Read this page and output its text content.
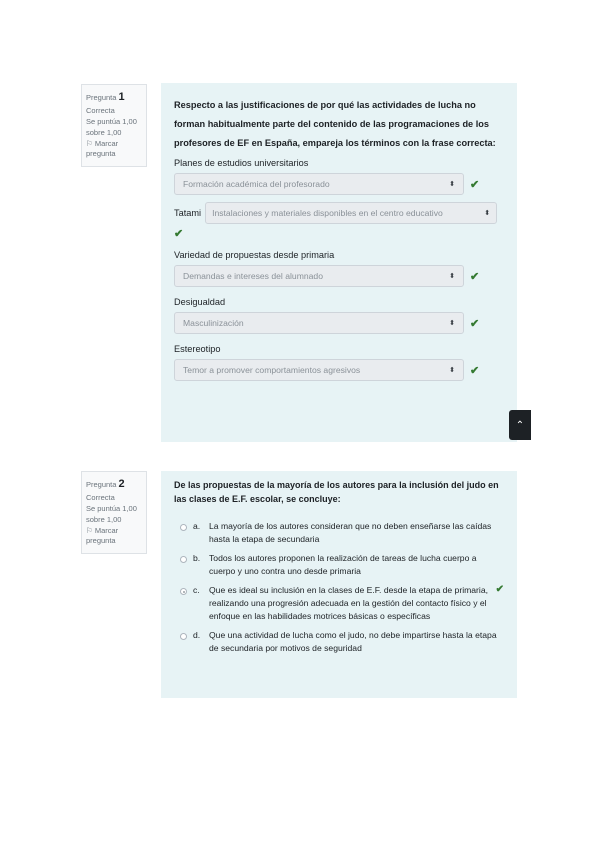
Pregunta 1
Correcta
Se puntúa 1,00 sobre 1,00
⚐ Marcar pregunta
Respecto a las justificaciones de por qué las actividades de lucha no forman habitualmente parte del contenido de las programaciones de los profesores de EF en España, empareja los términos con la frase correcta:
Planes de estudios universitarios
Formación académica del profesorado	⬍ ✔
Tatami Instalaciones y materiales disponibles en el centro educativo	⬍
✔
Variedad de propuestas desde primaria
Demandas e intereses del alumnado	⬍ ✔
Desigualdad
Masculinización	⬍ ✔
Estereotipo
Temor a promover comportamientos agresivos	⬍ ✔
⌃
Pregunta 2
Correcta
Se puntúa 1,00 sobre 1,00
⚐ Marcar pregunta
De las propuestas de la mayoría de los autores para la inclusión del judo en las clases de E.F. escolar, se concluye:
a.	La mayoría de los autores consideran que no deben enseñarse las caídas hasta la etapa de secundaria
b.	Todos los autores proponen la realización de tareas de lucha cuerpo a cuerpo y uno contra uno desde primaria
c.	Que es ideal su inclusión en la clases de E.F. desde la etapa de primaria, realizando una progresión adecuada en la gestión del contacto físico y el enfoque en las habilidades motrices básicas o específicas
✔
d.	Que una actividad de lucha como el judo, no debe impartirse hasta la etapa de secundaria por motivos de seguridad
